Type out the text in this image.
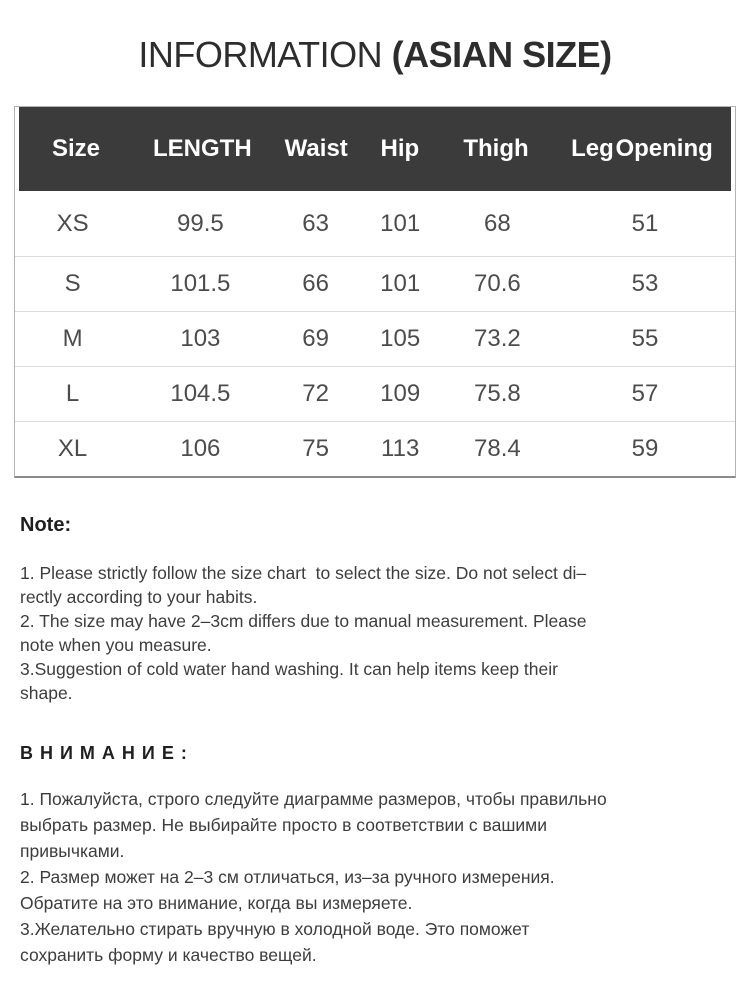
INFORMATION (ASIAN SIZE)
Size	LENGTH	Waist	Hip	Thigh	Leg Opening
XS	99.5	63	101	68	51
S	101.5	66	101	70.6	53
M	103	69	105	73.2	55
L	104.5	72	109	75.8	57
XL	106	75	113	78.4	59
Note:
1. Please strictly follow the size chart  to select the size. Do not select di–
rectly according to your habits.
2. The size may have 2–3cm differs due to manual measurement. Please
note when you measure.
3.Suggestion of cold water hand washing. It can help items keep their
shape.
ВНИМАНИЕ:
1. Пожалуйста, строго следуйте диаграмме размеров, чтобы правильно
выбрать размер. Не выбирайте просто в соответствии с вашими
привычками.
2. Размер может на 2–3 см отличаться, из–за ручного измерения.
Обратите на это внимание, когда вы измеряете.
3.Желательно стирать вручную в холодной воде. Это поможет
сохранить форму и качество вещей.
